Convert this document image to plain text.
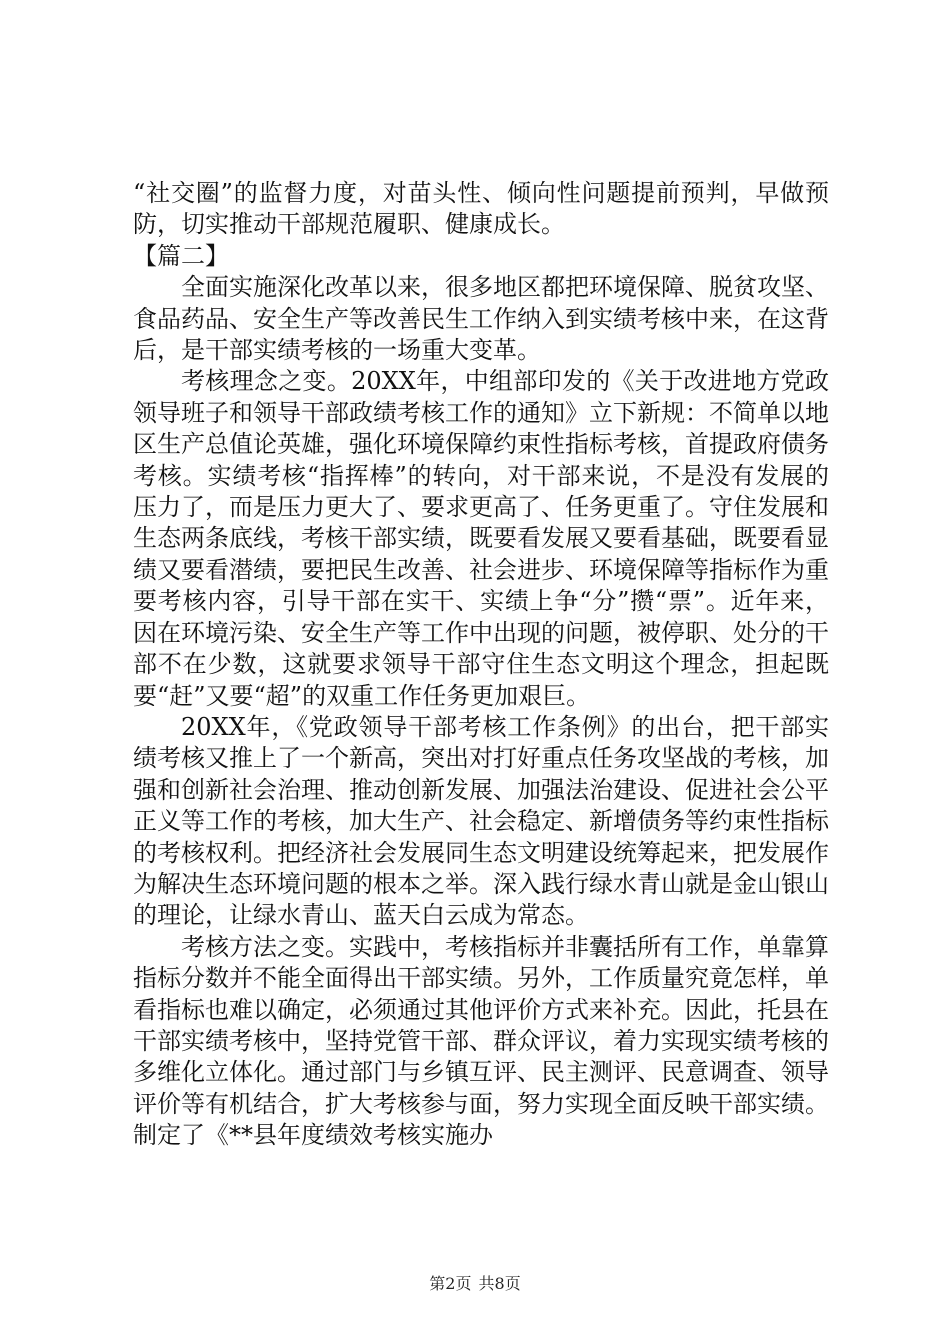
“社交圈”的监督力度，对苗头性、倾向性问题提前预判，早做预防，切实推动干部规范履职、健康成长。

【篇二】

全面实施深化改革以来，很多地区都把环境保障、脱贫攻坚、食品药品、安全生产等改善民生工作纳入到实绩考核中来，在这背后，是干部实绩考核的一场重大变革。

考核理念之变。20XX年，中组部印发的《关于改进地方党政领导班子和领导干部政绩考核工作的通知》立下新规：不简单以地区生产总值论英雄，强化环境保障约束性指标考核，首提政府债务考核。实绩考核“指挥棒”的转向，对干部来说，不是没有发展的压力了，而是压力更大了、要求更高了、任务更重了。守住发展和生态两条底线，考核干部实绩，既要看发展又要看基础，既要看显绩又要看潜绩，要把民生改善、社会进步、环境保障等指标作为重要考核内容，引导干部在实干、实绩上争“分”攒“票”。近年来，因在环境污染、安全生产等工作中出现的问题，被停职、处分的干部不在少数，这就要求领导干部守住生态文明这个理念，担起既要“赶”又要“超”的双重工作任务更加艰巨。

20XX年，《党政领导干部考核工作条例》的出台，把干部实绩考核又推上了一个新高，突出对打好重点任务攻坚战的考核，加强和创新社会治理、推动创新发展、加强法治建设、促进社会公平正义等工作的考核，加大生产、社会稳定、新增债务等约束性指标的考核权利。把经济社会发展同生态文明建设统筹起来，把发展作为解决生态环境问题的根本之举。深入践行绿水青山就是金山银山的理论，让绿水青山、蓝天白云成为常态。

考核方法之变。实践中，考核指标并非囊括所有工作，单靠算指标分数并不能全面得出干部实绩。另外，工作质量究竟怎样，单看指标也难以确定，必须通过其他评价方式来补充。因此，托县在干部实绩考核中，坚持党管干部、群众评议，着力实现实绩考核的多维化立体化。通过部门与乡镇互评、民主测评、民意调查、领导评价等有机结合，扩大考核参与面，努力实现全面反映干部实绩。制定了《**县年度绩效考核实施办

第2页 共8页
